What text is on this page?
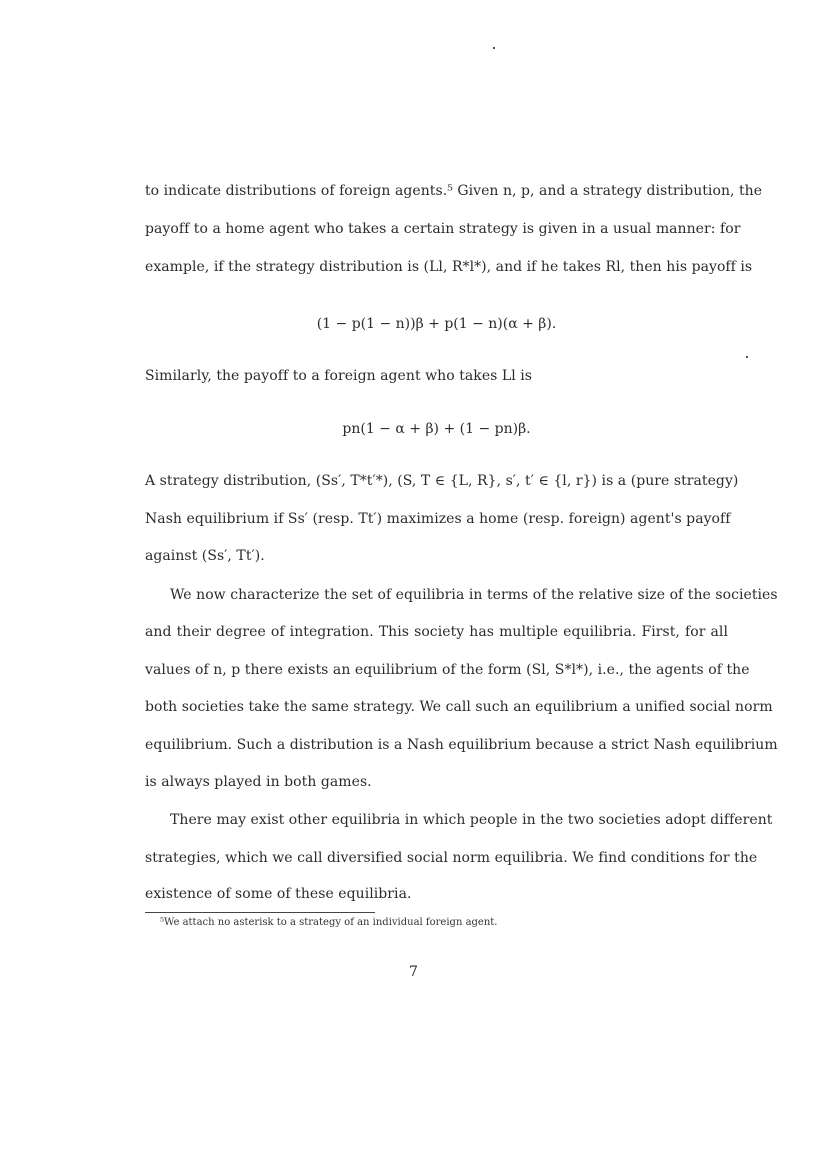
to indicate distributions of foreign agents.⁵ Given n, p, and a strategy distribution, the
payoff to a home agent who takes a certain strategy is given in a usual manner: for
example, if the strategy distribution is (Ll, R*l*), and if he takes Rl, then his payoff is
(1 − p(1 − n))β + p(1 − n)(α + β).
Similarly, the payoff to a foreign agent who takes Ll is
pn(1 − α + β) + (1 − pn)β.
A strategy distribution, (Ss′, T*t′*), (S, T ∈ {L, R}, s′, t′ ∈ {l, r}) is a (pure strategy)
Nash equilibrium if Ss′ (resp. Tt′) maximizes a home (resp. foreign) agent's payoff
against (Ss′, Tt′).
We now characterize the set of equilibria in terms of the relative size of the societies
and their degree of integration. This society has multiple equilibria. First, for all
values of n, p there exists an equilibrium of the form (Sl, S*l*), i.e., the agents of the
both societies take the same strategy. We call such an equilibrium a unified social norm
equilibrium. Such a distribution is a Nash equilibrium because a strict Nash equilibrium
is always played in both games.
There may exist other equilibria in which people in the two societies adopt different
strategies, which we call diversified social norm equilibria. We find conditions for the
existence of some of these equilibria.
⁵We attach no asterisk to a strategy of an individual foreign agent.
7
